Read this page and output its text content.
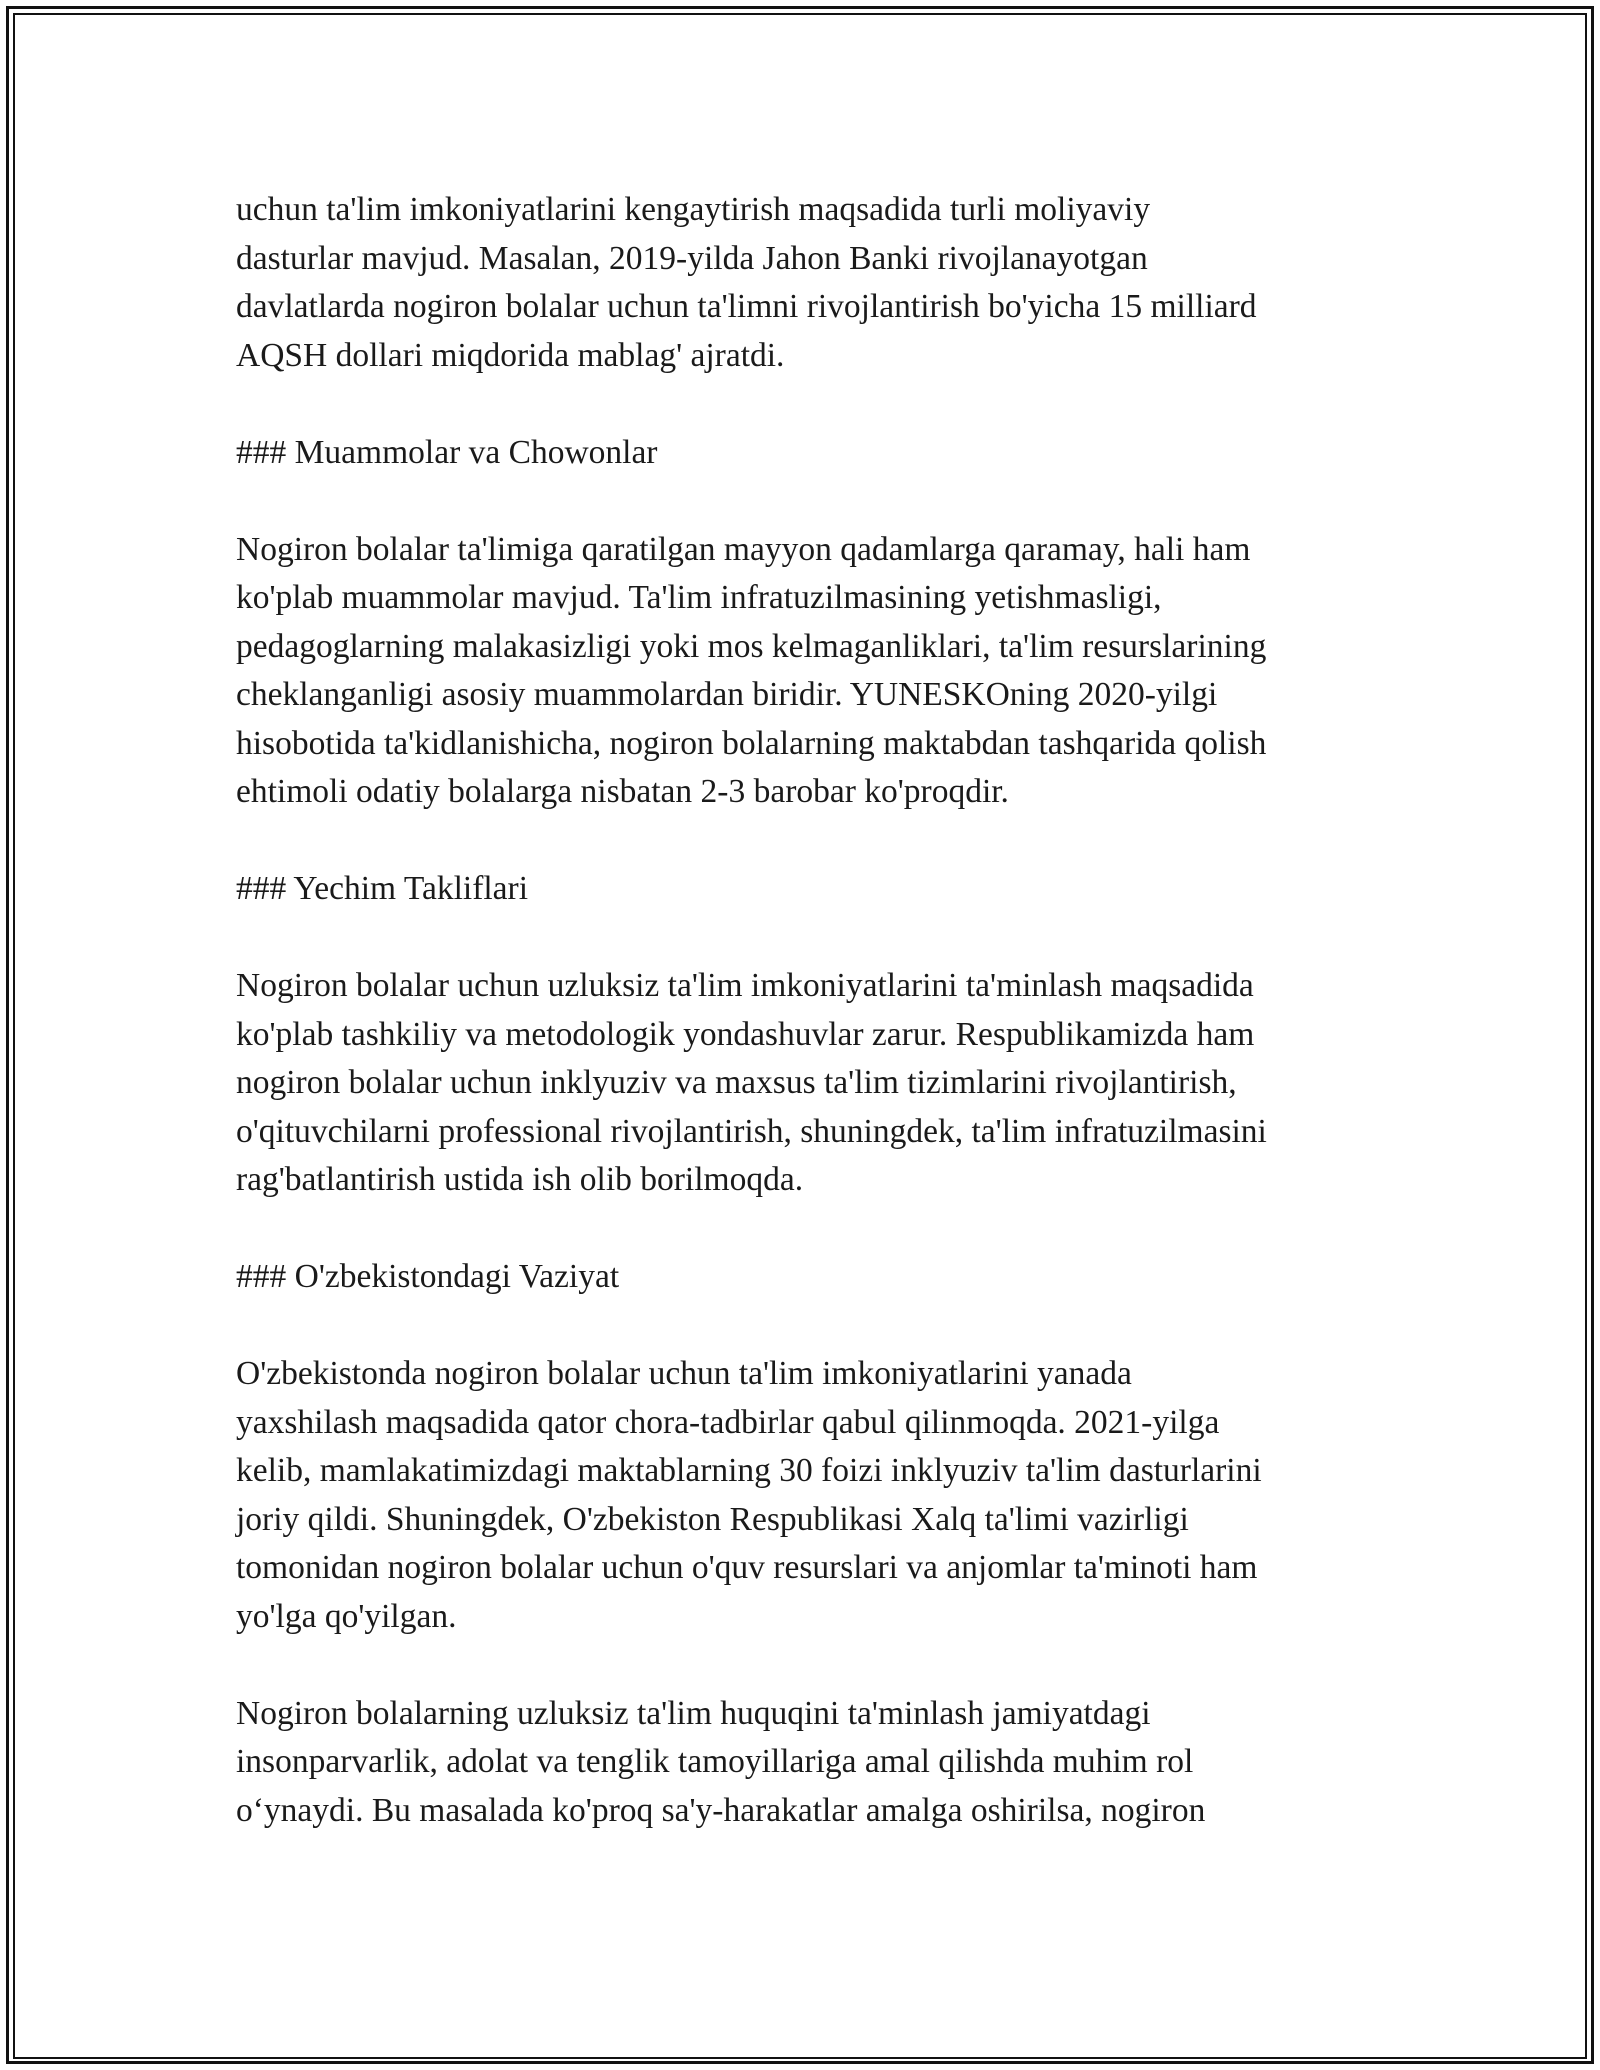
uchun ta'lim imkoniyatlarini kengaytirish maqsadida turli moliyaviy
dasturlar mavjud. Masalan, 2019-yilda Jahon Banki rivojlanayotgan
davlatlarda nogiron bolalar uchun ta'limni rivojlantirish bo'yicha 15 milliard
AQSH dollari miqdorida mablag' ajratdi.

### Muammolar va Chowonlar

Nogiron bolalar ta'limiga qaratilgan mayyon qadamlarga qaramay, hali ham
ko'plab muammolar mavjud. Ta'lim infratuzilmasining yetishmasligi,
pedagoglarning malakasizligi yoki mos kelmaganliklari, ta'lim resurslarining
cheklanganligi asosiy muammolardan biridir. YUNESKOning 2020-yilgi
hisobotida ta'kidlanishicha, nogiron bolalarning maktabdan tashqarida qolish
ehtimoli odatiy bolalarga nisbatan 2-3 barobar ko'proqdir.

### Yechim Takliflari

Nogiron bolalar uchun uzluksiz ta'lim imkoniyatlarini ta'minlash maqsadida
ko'plab tashkiliy va metodologik yondashuvlar zarur. Respublikamizda ham
nogiron bolalar uchun inklyuziv va maxsus ta'lim tizimlarini rivojlantirish,
o'qituvchilarni professional rivojlantirish, shuningdek, ta'lim infratuzilmasini
rag'batlantirish ustida ish olib borilmoqda.

### O'zbekistondagi Vaziyat

O'zbekistonda nogiron bolalar uchun ta'lim imkoniyatlarini yanada
yaxshilash maqsadida qator chora-tadbirlar qabul qilinmoqda. 2021-yilga
kelib, mamlakatimizdagi maktablarning 30 foizi inklyuziv ta'lim dasturlarini
joriy qildi. Shuningdek, O'zbekiston Respublikasi Xalq ta'limi vazirligi
tomonidan nogiron bolalar uchun o'quv resurslari va anjomlar ta'minoti ham
yo'lga qo'yilgan.

Nogiron bolalarning uzluksiz ta'lim huquqini ta'minlash jamiyatdagi
insonparvarlik, adolat va tenglik tamoyillariga amal qilishda muhim rol
o‘ynaydi. Bu masalada ko'proq sa'y-harakatlar amalga oshirilsa, nogiron
